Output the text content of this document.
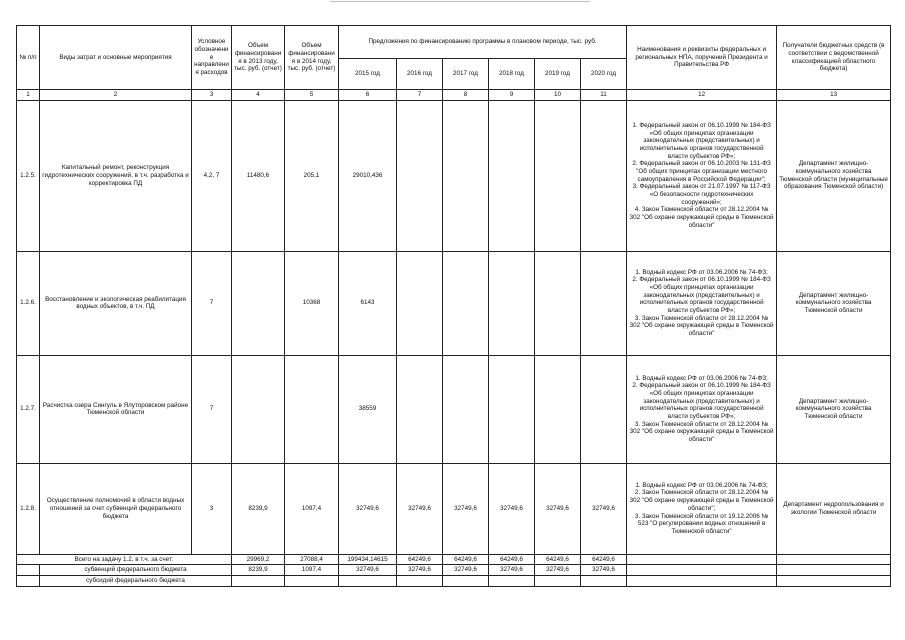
№ п/п	Виды затрат и основные мероприятия	Условное обозначение направления расходов	Объем финансирования в 2013 году, тыс. руб. (отчет)	Объем финансирования в 2014 году, тыс. руб. (отчет)	Предложения по финансированию программы в плановом периоде, тыс. руб.						Наименования и реквизиты федеральных и региональных НПА, поручений Президента и Правительства РФ	Получатели бюджетных средств (в соответствии с ведомственной классификацией областного бюджета)
					2015 год	2016 год	2017 год	2018 год	2019 год	2020 год		
1	2	3	4	5	6	7	8	9	10	11	12	13
1.2.5.	Капитальный ремонт, реконструкция гидротехнических сооружений, в т.ч. разработка и корректировка ПД	4,2, 7	11480,6	205,1	29010,436						1. Федеральный закон от 06.10.1999 № 184-ФЗ «Об общих принципах организации законодательных (представительных) и исполнительных органов государственной власти субъектов РФ»;
2. Федеральный закон от 06.10.2003 № 131-ФЗ "Об общих принципах организации местного самоуправления в Российской Федерации";
3. Федеральный закон от 21.07.1997 № 117-ФЗ «О безопасности гидротехнических сооружений»;
4. Закон Тюменской области от 28.12.2004 № 302 "Об охране окружающей среды в Тюменской области"	Департамент жилищно-коммунального хозяйства Тюменской области (муниципальные образования Тюменской области)
1.2.6.	Восстановление и экологическая реабилитация водных объектов, в т.ч. ПД	7		10368	6143						1. Водный кодекс РФ от 03.06.2006 № 74-ФЗ;
2. Федеральный закон от 06.10.1999 № 184-ФЗ «Об общих принципах организации законодательных (представительных) и исполнительных органов государственной власти субъектов РФ»;
3. Закон Тюменской области от 28.12.2004 № 302 "Об охране окружающей среды в Тюменской области"	Департамент жилищно-коммунального хозяйства Тюменской области
1.2.7.	Расчистка озера Сингуль в Ялуторовском районе Тюменской области	7			38559						1. Водный кодекс РФ от 03.06.2006 № 74-ФЗ;
2. Федеральный закон от 06.10.1999 № 184-ФЗ «Об общих принципах организации законодательных (представительных) и исполнительных органов государственной власти субъектов РФ»;
3. Закон Тюменской области от 28.12.2004 № 302 "Об охране окружающей среды в Тюменской области"	Департамент жилищно-коммунального хозяйства Тюменской области
1.2.8.	Осуществление полномочий в области водных отношений за счет субвенций федерального бюджета	3	8239,9	1097,4	32749,6	32749,6	32749,6	32749,6	32749,6	32749,6	1. Водный кодекс РФ от 03.06.2006 № 74-ФЗ;
2. Закон Тюменской области от 28.12.2004 № 302 "Об охране окружающей среды в Тюменской области";
3. Закон Тюменской области от 19.12.2006 № 523 "О регулировании водных отношений в Тюменской области"	Департамент недропользования и экологии Тюменской области
Всего на задачу 1.2, в т.ч. за счет:			29969,2	27088,4	199434,14615	64249,6	64249,6	64249,6	64249,6	64249,6		
	субвенций федерального бюджета		8239,9	1097,4	32749,6	32749,6	32749,6	32749,6	32749,6	32749,6		
	субсидий федерального бюджета											
